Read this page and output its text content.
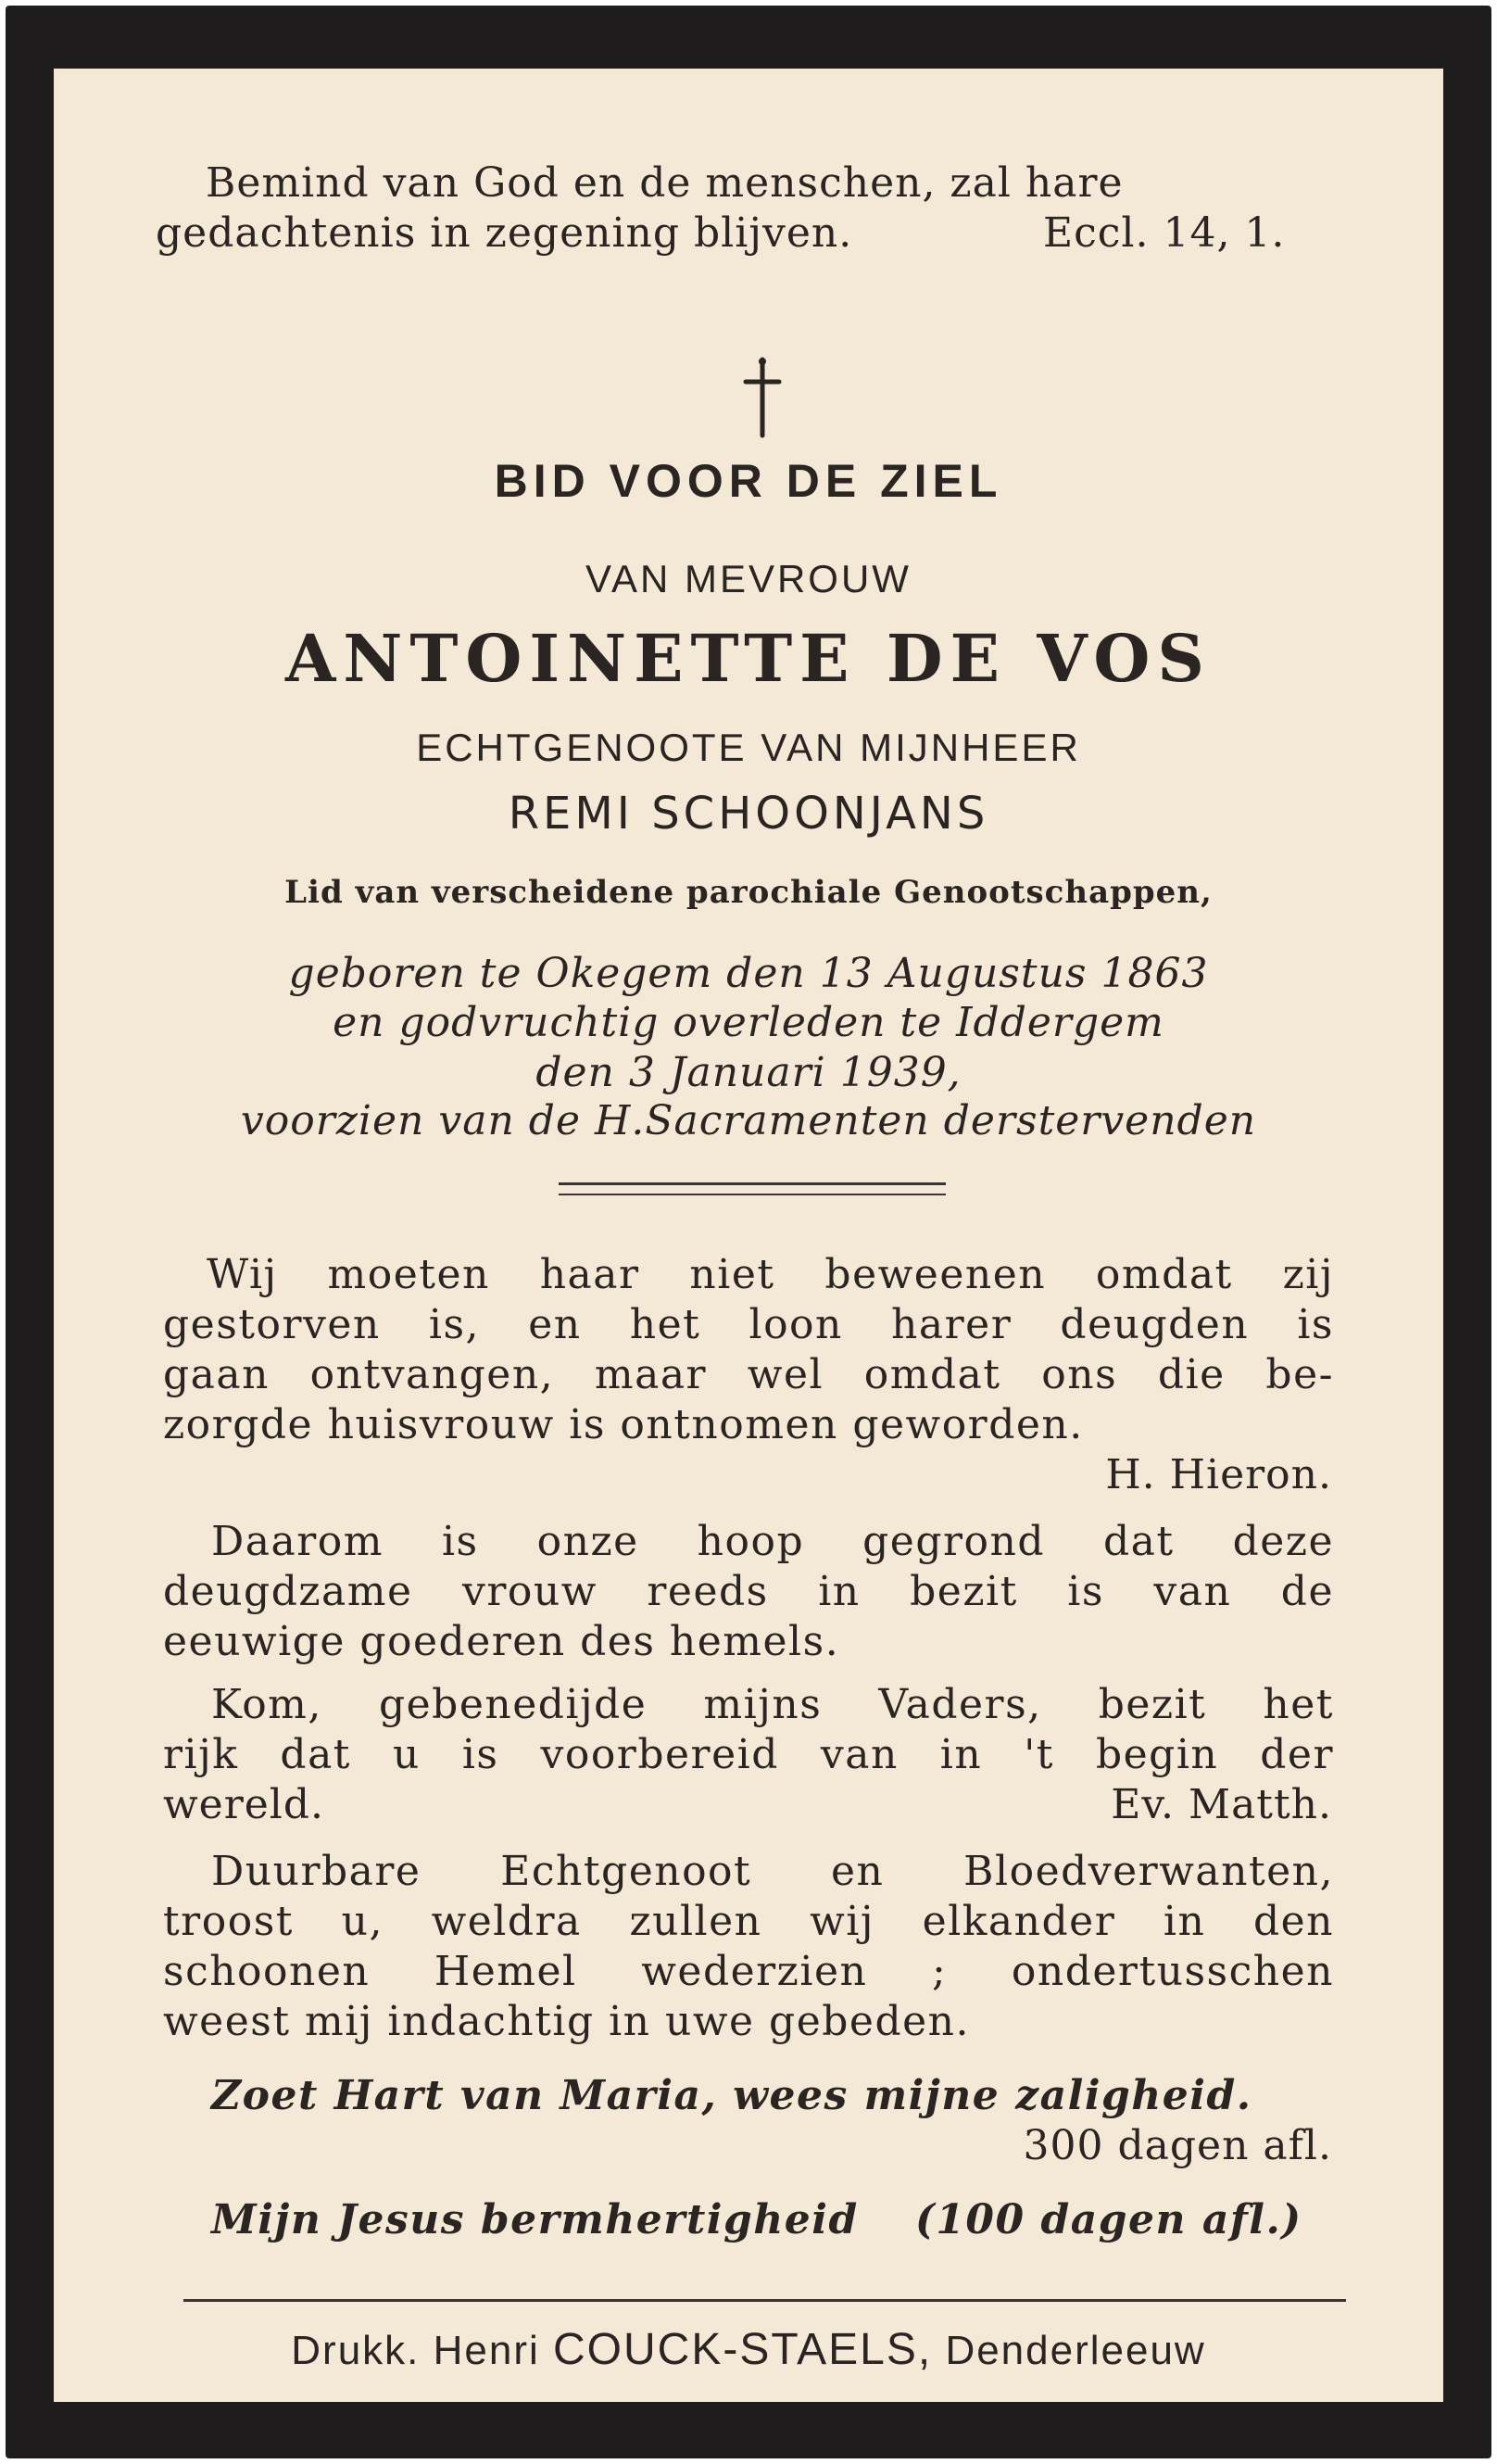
Bemind van God en de menschen, zal hare
gedachtenis in zegening blijven.	Eccl. 14, 1.
BID VOOR DE ZIEL
VAN MEVROUW
ANTOINETTE DE VOS
ECHTGENOOTE VAN MIJNHEER
REMI SCHOONJANS
Lid van verscheidene parochiale Genootschappen,
geboren te Okegem den 13 Augustus 1863
en godvruchtig overleden te Iddergem
den 3 Januari 1939,
voorzien van de H.Sacramenten derstervenden
Wij moeten haar niet beweenen omdat zij
gestorven is, en het loon harer deugden is
gaan ontvangen, maar wel omdat ons die be-
zorgde huisvrouw is ontnomen geworden.
H. Hieron.
Daarom is onze hoop gegrond dat deze
deugdzame vrouw reeds in bezit is van de
eeuwige goederen des hemels.
Kom, gebenedijde mijns Vaders, bezit het
rijk dat u is voorbereid van in 't begin der
wereld.	Ev. Matth.
Duurbare Echtgenoot en Bloedverwanten,
troost u, weldra zullen wij elkander in den
schoonen Hemel wederzien ; ondertusschen
weest mij indachtig in uwe gebeden.
Zoet Hart van Maria, wees mijne zaligheid.
300 dagen afl.
Mijn Jesus bermhertigheid (100 dagen afl.)
Drukk. Henri COUCK-STAELS, Denderleeuw
